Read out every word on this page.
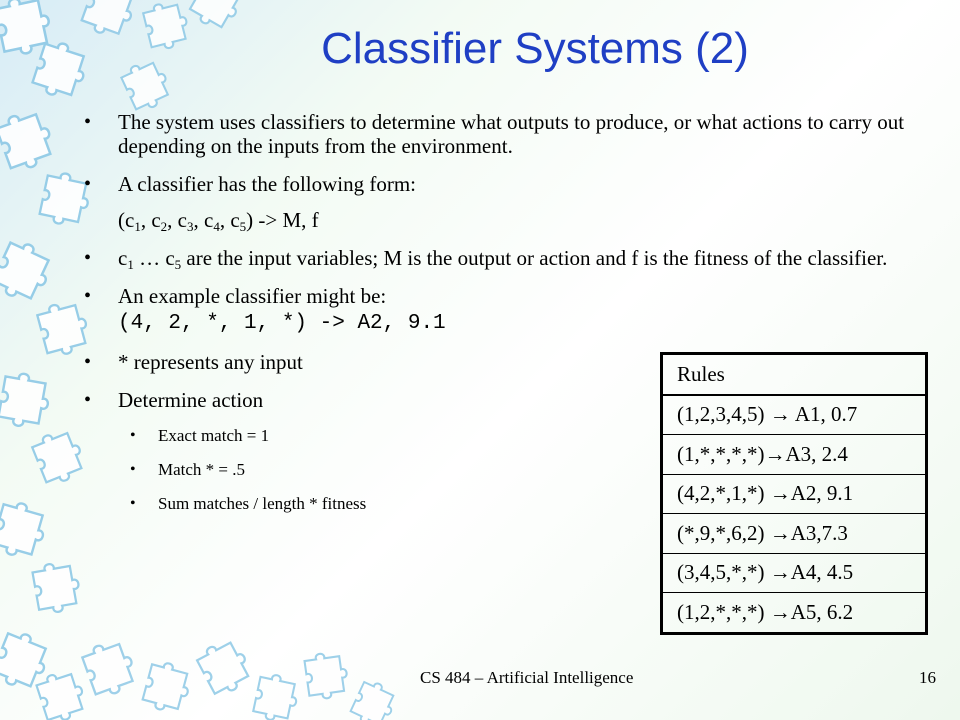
Classifier Systems (2)
• The system uses classifiers to determine what outputs to produce, or what actions to carry out depending on the inputs from the environment.
• A classifier has the following form:
($c_1$, $c_2$, $c_3$, $c_4$, $c_5) -> M$, f
• $c_1$ … $c_5$ are the input variables; M is the output or action and f is the fitness of the classifier.
• An example classifier might be:
(4, 2, *, 1, *) -> A2, 9.1
• * represents any input
• Determine action
• Exact match = 1
• Match * = .5
• Sum matches / length * fitness
Rules
(1,2,3,4,5) → A1, 0.7
(1,*,*,*,*)→A3, 2.4
(4,2,*,1,*) →A2, 9.1
(*,9,*,6,2) →A3,7.3
(3,4,5,*,*) →A4, 4.5
(1,2,*,*,*) →A5, 6.2
CS 484 – Artificial Intelligence	16
